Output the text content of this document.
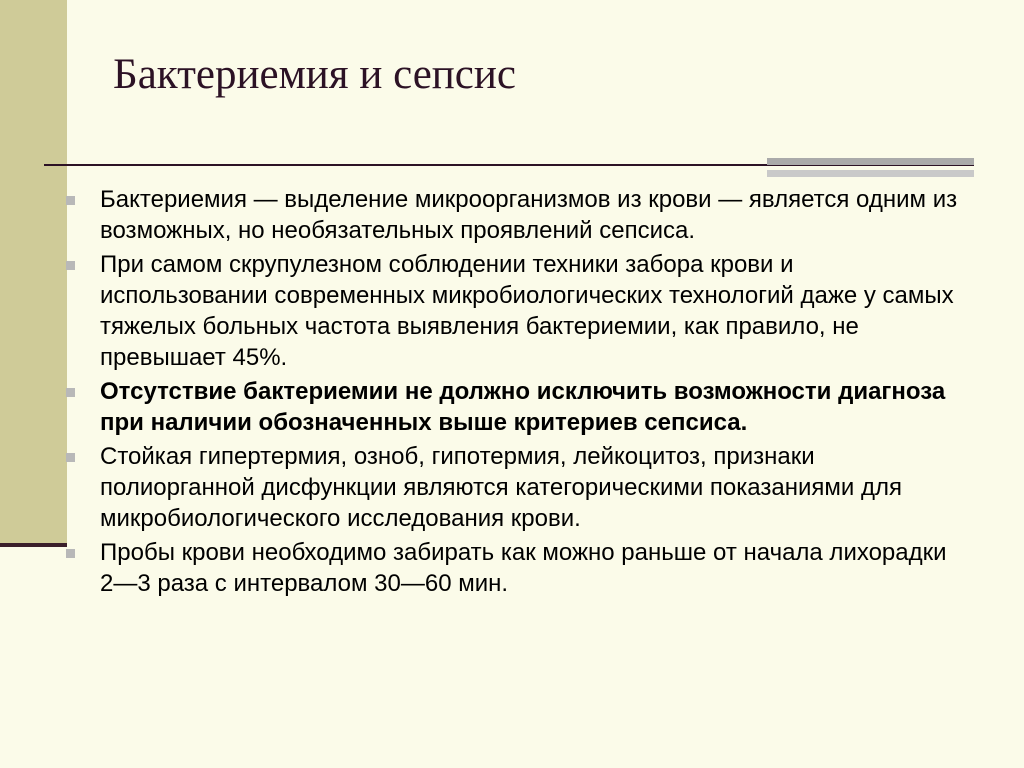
Бактериемия и сепсис
Бактериемия — выделение микроорганизмов из крови — является одним из возможных, но необязательных проявлений сепсиса.
При самом скрупулезном соблюдении техники забора крови и использовании современных микробиологических технологий даже у самых тяжелых больных частота выявления бактериемии, как правило, не превышает 45%.
Отсутствие бактериемии не должно исключить возможности диагноза при наличии обозначенных выше критериев сепсиса.
Стойкая гипертермия, озноб, гипотермия, лейкоцитоз, признаки полиорганной дисфункции являются категорическими показаниями для микробиологического исследования крови.
Пробы крови необходимо забирать как можно раньше от начала лихорадки 2—3 раза с интервалом 30—60 мин.
